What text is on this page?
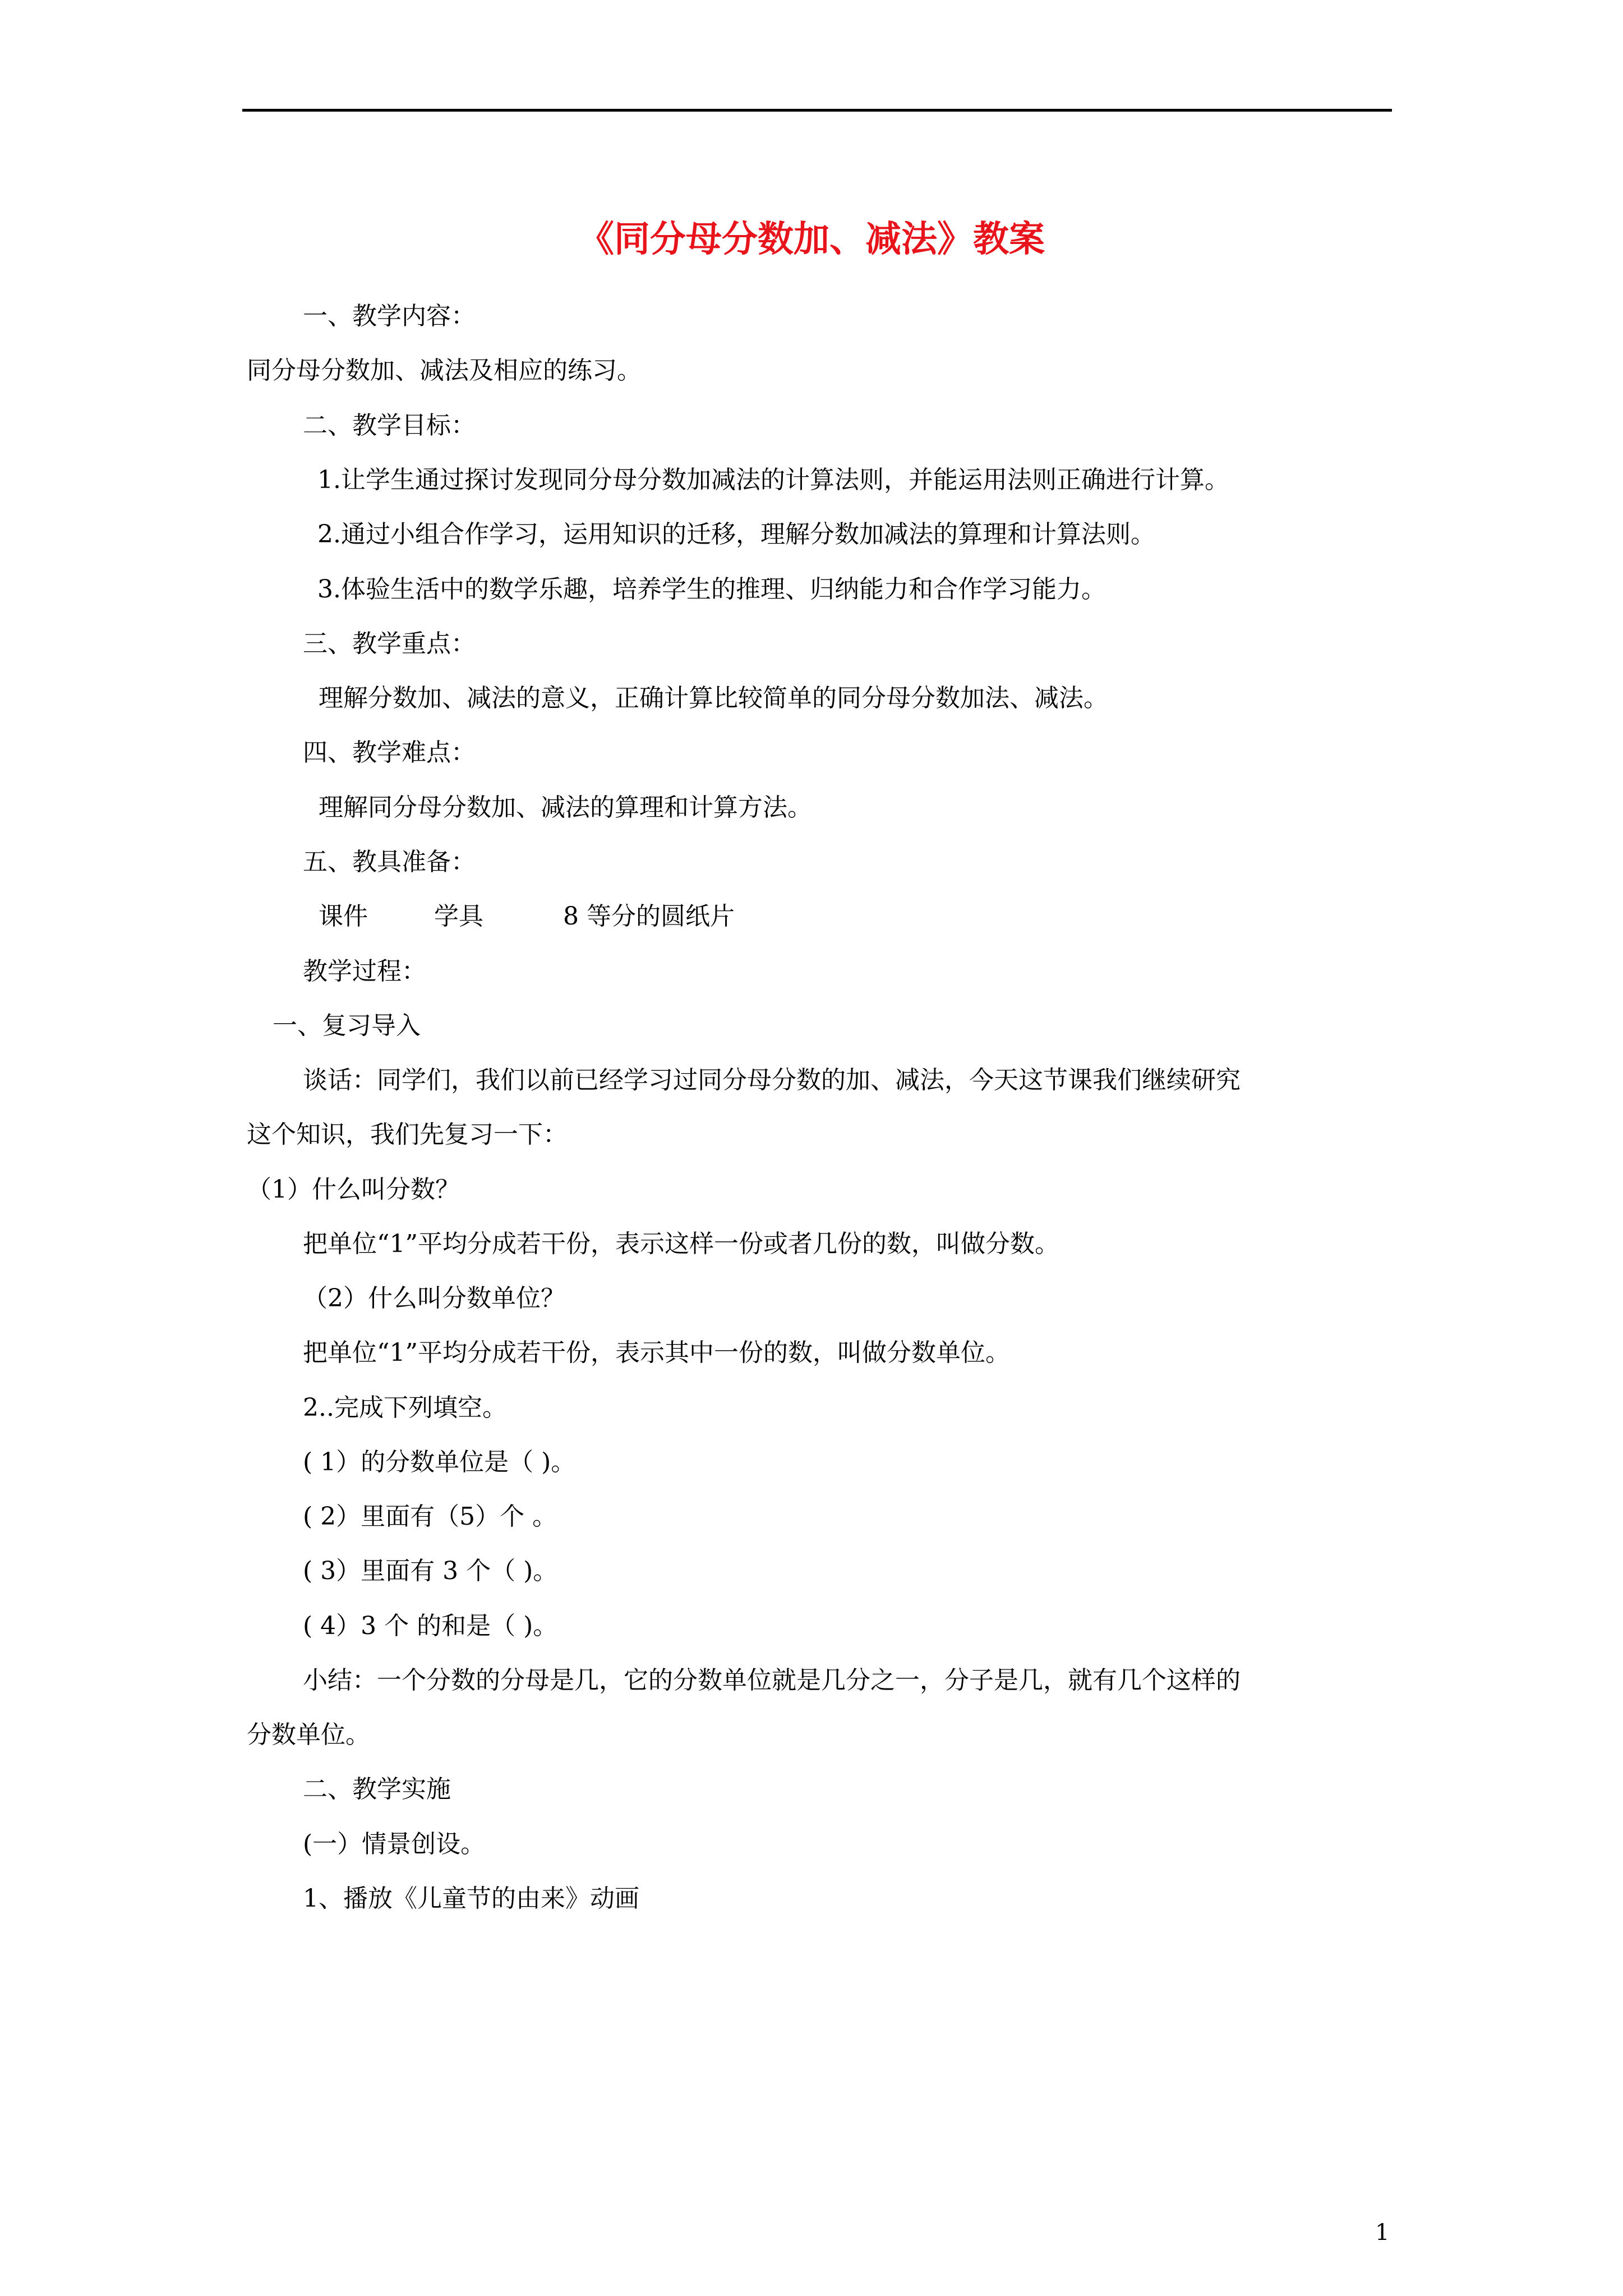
《同分母分数加、减法》教案
一、教学内容：
同分母分数加、减法及相应的练习。
二、教学目标：
1.让学生通过探讨发现同分母分数加减法的计算法则，并能运用法则正确进行计算。
2.通过小组合作学习，运用知识的迁移，理解分数加减法的算理和计算法则。
3.体验生活中的数学乐趣，培养学生的推理、归纳能力和合作学习能力。
三、教学重点：
理解分数加、减法的意义，正确计算比较简单的同分母分数加法、减法。
四、教学难点：
理解同分母分数加、减法的算理和计算方法。
五、教具准备：
课件	学具	8 等分的圆纸片
教学过程：
一、复习导入
谈话：同学们，我们以前已经学习过同分母分数的加、减法，今天这节课我们继续研究
这个知识，我们先复习一下：
（1）什么叫分数？
把单位“1”平均分成若干份，表示这样一份或者几份的数，叫做分数。
（2）什么叫分数单位？
把单位“1”平均分成若干份，表示其中一份的数，叫做分数单位。
2..完成下列填空。
( 1）的分数单位是（ )。
( 2）里面有（5）个 。
( 3）里面有 3 个（ )。
( 4）3 个 的和是（ )。
小结：一个分数的分母是几，它的分数单位就是几分之一，分子是几，就有几个这样的
分数单位。
二、教学实施
(一）情景创设。
1、播放《儿童节的由来》动画
1
